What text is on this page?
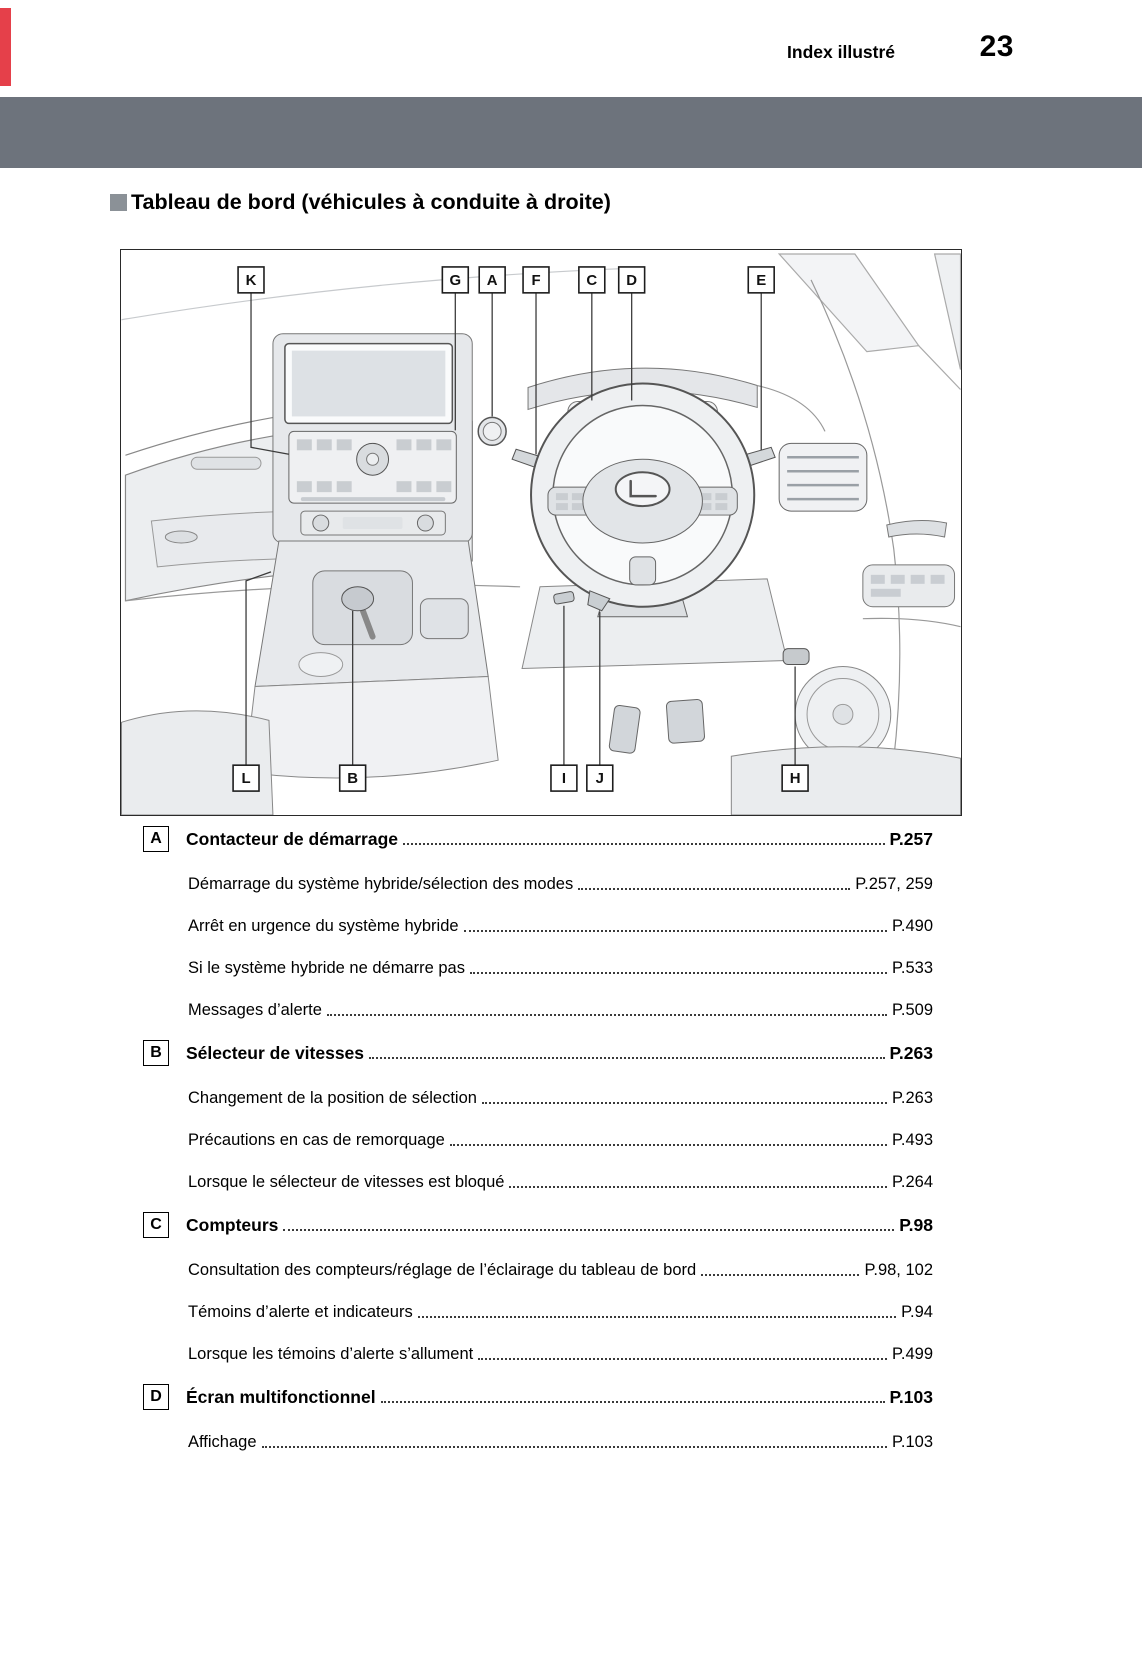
Index illustré	23
Tableau de bord (véhicules à conduite à droite)
K	G A F	C D	E
L	B	I J	H
A	Contacteur de démarrage	P.257
Démarrage du système hybride/sélection des modes	P.257, 259
Arrêt en urgence du système hybride	P.490
Si le système hybride ne démarre pas	P.533
Messages d’alerte	P.509
B	Sélecteur de vitesses	P.263
Changement de la position de sélection	P.263
Précautions en cas de remorquage	P.493
Lorsque le sélecteur de vitesses est bloqué	P.264
C	Compteurs	P.98
Consultation des compteurs/réglage de l’éclairage du tableau de bord	P.98, 102
Témoins d’alerte et indicateurs	P.94
Lorsque les témoins d’alerte s’allument	P.499
D	Écran multifonctionnel	P.103
Affichage	P.103
